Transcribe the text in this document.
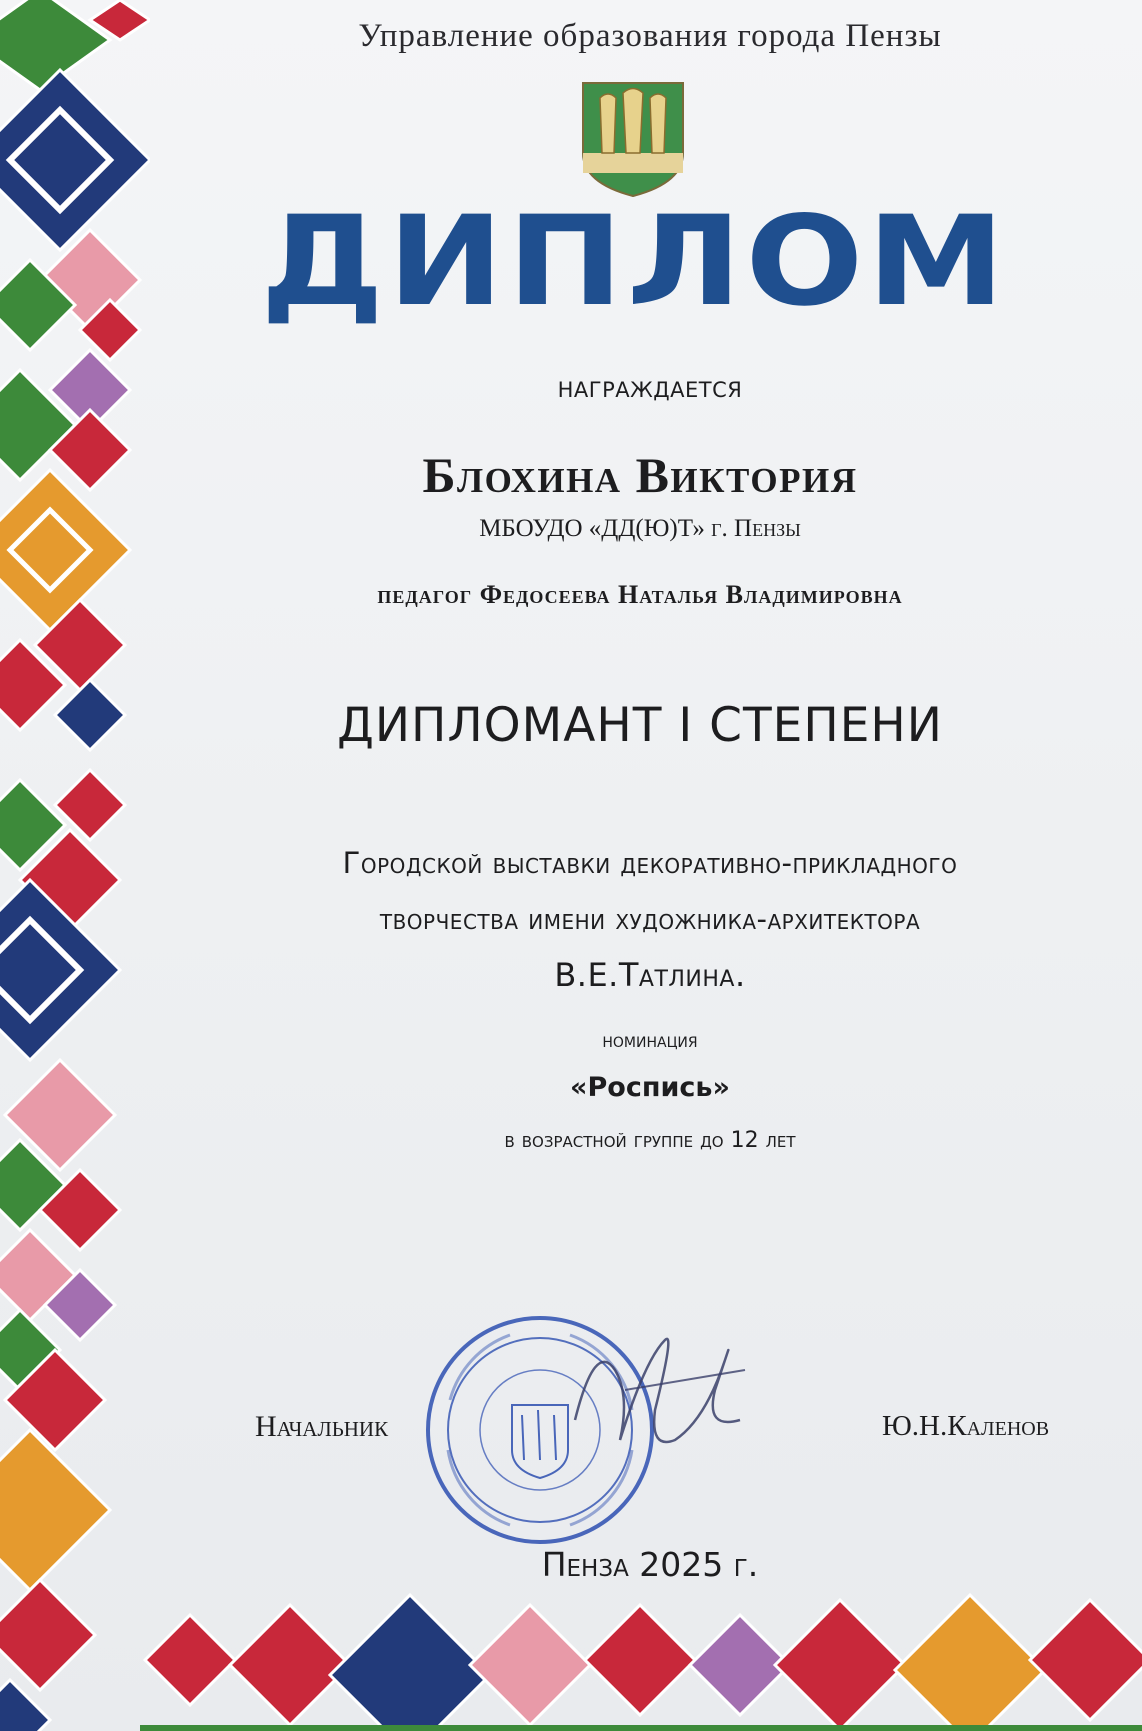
Управление образования города Пензы
ДИПЛОМ
НАГРАЖДАЕТСЯ
Блохина Виктория
МБОУДО «ДД(Ю)Т» г. Пензы
педагог Федосеева Наталья Владимировна
ДИПЛОМАНТ I СТЕПЕНИ
Городской выставки декоративно-прикладного
творчества имени художника-архитектора
В.Е.Татлина.
номинация
«Роспись»
в возрастной группе до 12 лет
Начальник	Ю.Н.Каленов
Пенза 2025 г.
